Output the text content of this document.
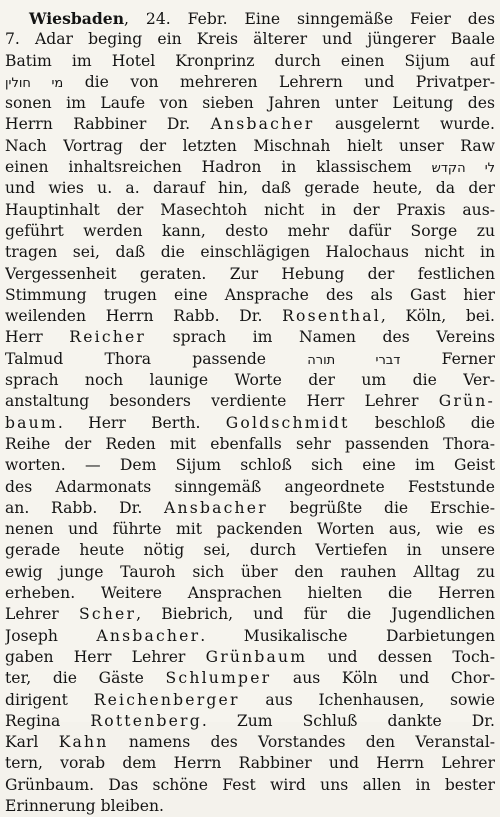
Wiesbaden, 24. Febr. Eine sinngemäße Feier des
7. Adar beging ein Kreis älterer und jüngerer Baale
Batim im Hotel Kronprinz durch einen Sijum auf
מי חולין die von mehreren Lehrern und Privatper-
sonen im Laufe von sieben Jahren unter Leitung des
Herrn Rabbiner Dr. Ansbacher ausgelernt wurde.
Nach Vortrag der letzten Mischnah hielt unser Raw
einen inhaltsreichen Hadron in klassischem לי הקדש
und wies u. a. darauf hin, daß gerade heute, da der
Hauptinhalt der Masechtoh nicht in der Praxis aus-
geführt werden kann, desto mehr dafür Sorge zu
tragen sei, daß die einschlägigen Halochaus nicht in
Vergessenheit geraten. Zur Hebung der festlichen
Stimmung trugen eine Ansprache des als Gast hier
weilenden Herrn Rabb. Dr. Rosenthal, Köln, bei.
Herr Reicher sprach im Namen des Vereins
Talmud Thora passende דברי תורה Ferner
sprach noch launige Worte der um die Ver-
anstaltung besonders verdiente Herr Lehrer Grün-
baum. Herr Berth. Goldschmidt beschloß die
Reihe der Reden mit ebenfalls sehr passenden Thora-
worten. — Dem Sijum schloß sich eine im Geist
des Adarmonats sinngemäß angeordnete Feststunde
an. Rabb. Dr. Ansbacher begrüßte die Erschie-
nenen und führte mit packenden Worten aus, wie es
gerade heute nötig sei, durch Vertiefen in unsere
ewig junge Tauroh sich über den rauhen Alltag zu
erheben. Weitere Ansprachen hielten die Herren
Lehrer Scher, Biebrich, und für die Jugendlichen
Joseph Ansbacher. Musikalische Darbietungen
gaben Herr Lehrer Grünbaum und dessen Toch-
ter, die Gäste Schlumper aus Köln und Chor-
dirigent Reichenberger aus Ichenhausen, sowie
Regina Rottenberg. Zum Schluß dankte Dr.
Karl Kahn namens des Vorstandes den Veranstal-
tern, vorab dem Herrn Rabbiner und Herrn Lehrer
Grünbaum. Das schöne Fest wird uns allen in bester
Erinnerung bleiben.
